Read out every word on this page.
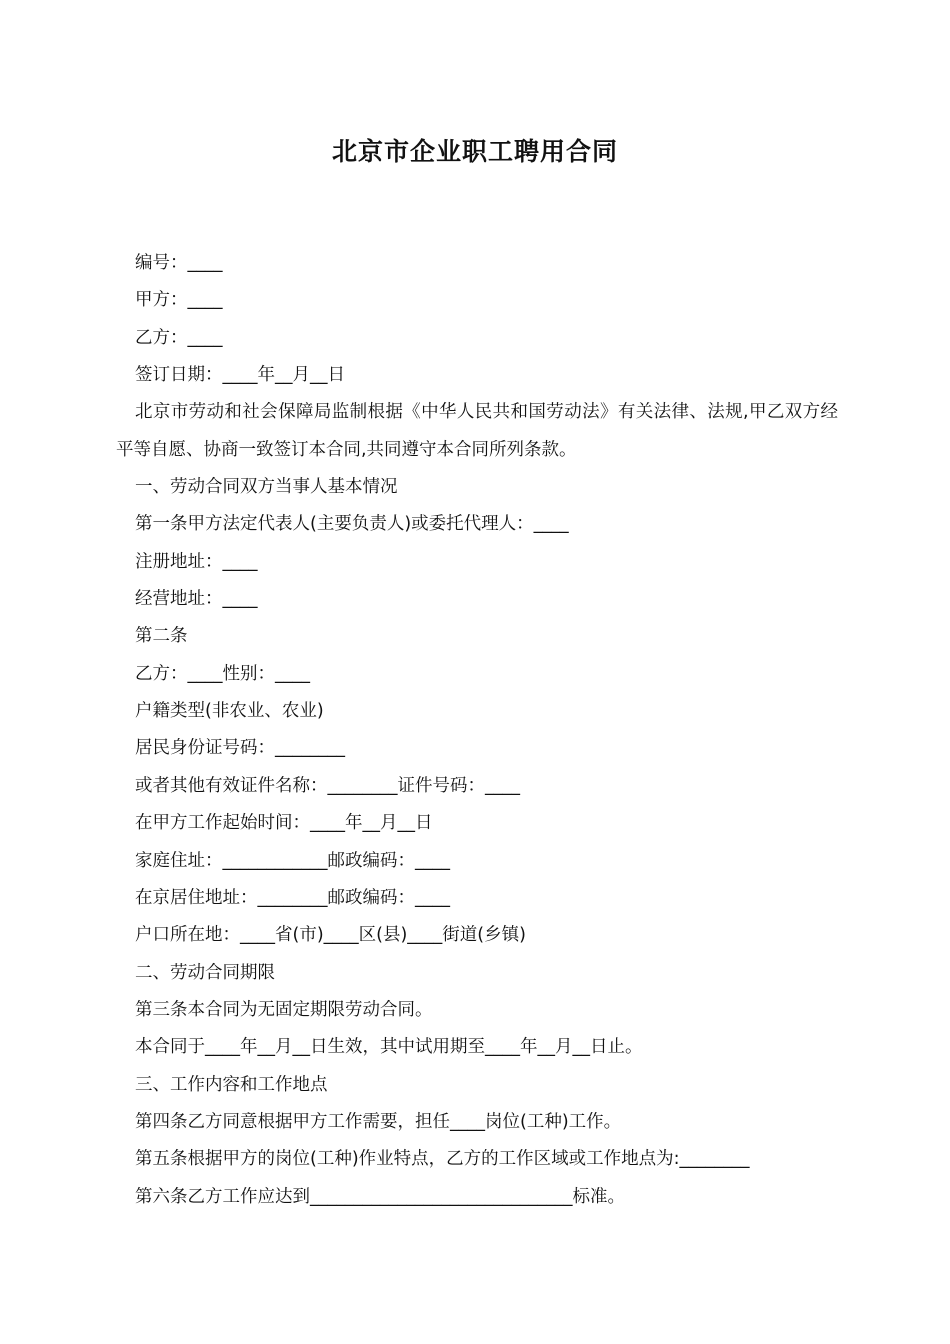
北京市企业职工聘用合同

编号：____

甲方：____

乙方：____

签订日期：____年__月__日

北京市劳动和社会保障局监制根据《中华人民共和国劳动法》有关法律、法规,甲乙双方经平等自愿、协商一致签订本合同,共同遵守本合同所列条款。

一、劳动合同双方当事人基本情况

第一条甲方法定代表人(主要负责人)或委托代理人：____

注册地址：____

经营地址：____

第二条

乙方：____性别：____

户籍类型(非农业、农业)

居民身份证号码：________

或者其他有效证件名称：________证件号码：____

在甲方工作起始时间：____年__月__日

家庭住址：____________邮政编码：____

在京居住地址：________邮政编码：____

户口所在地：____省(市)____区(县)____街道(乡镇)

二、劳动合同期限

第三条本合同为无固定期限劳动合同。

本合同于____年__月__日生效，其中试用期至____年__月__日止。

三、工作内容和工作地点

第四条乙方同意根据甲方工作需要，担任____岗位(工种)工作。

第五条根据甲方的岗位(工种)作业特点，乙方的工作区域或工作地点为:________

第六条乙方工作应达到______________________________标准。
